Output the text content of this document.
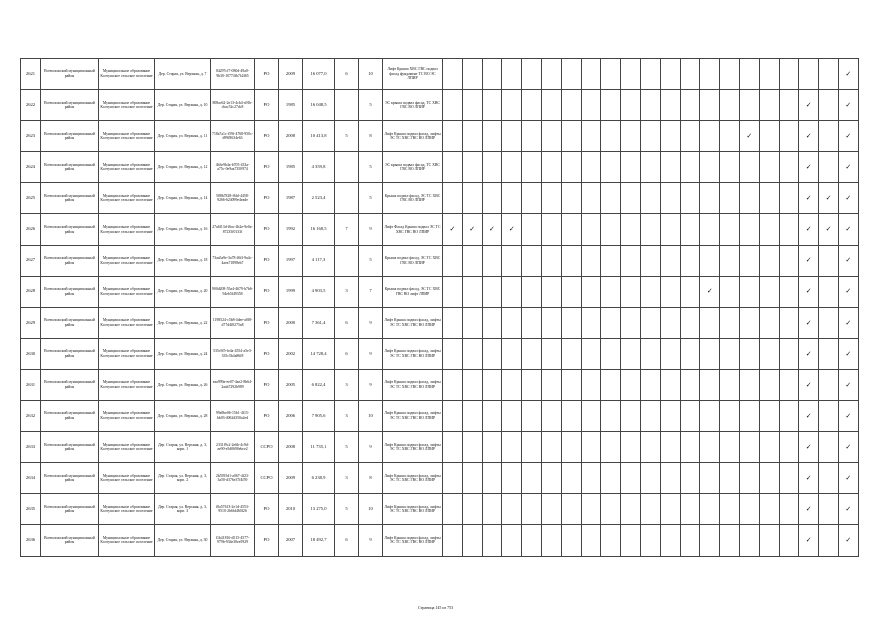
2621	Всеволожский муниципальный район	Муниципальное образование Колтушское сельское поселение	Дер. Старая, ул. Верхняя, д. 7	84297cf7-080d-49a0-9b30-10774fb7f4465	РО	2009	16 077,0	6	10	Лифт Крыша ХВС ГВС подвал фасад фундамент ТС ВО ЭС ЛПИР																					✓
2622	Всеволожский муниципальный район	Муниципальное образование Колтушское сельское поселение	Дер. Старая, ул. Верхняя, д. 10	808ac62-2e13-4cb4-a91b-cbac52c27dc8	РО	1985	16 048,5		5	ЭС крыша подвал фасад, ТС ХВС ГВС ВО ЛПИР																			✓		✓
2623	Всеволожский муниципальный район	Муниципальное образование Колтушское сельское поселение	Дер. Старая, ул. Верхняя, д. 11	718a7a1c-f59f-4768-950c-d99f8634e63	РО	2008	10 413,8	5	8	Лифт Крыша подвал фасад, лифты ЭС ТС ХВС ГВС ВО ЛПИР																✓			✓		✓
2624	Всеволожский муниципальный район	Муниципальное образование Колтушское сельское поселение	Дер. Старая, ул. Верхняя, д. 12	4b3e9b4a-b705-433a-a75c-0e9aa7350974	РО	1985	4 359,8		5	ЭС крыша подвал фасад, ТС ХВС ГВС ВО ЛПИР																			✓		✓
2625	Всеволожский муниципальный район	Муниципальное образование Колтушское сельское поселение	Дер. Старая, ул. Верхняя, д. 14	588b7828-f6fd-4458-9266-624099e4eade	РО	1987	2 523,4		5	Крыша подвал фасад, ЭС ТС ХВС ГВС ВО ЛПИР																			✓	✓	✓
2626	Всеволожский муниципальный район	Муниципальное образование Колтушское сельское поселение	Дер. Старая, ул. Верхняя, д. 16	27a6f13d-f6ac-4b2e-9e0a-87235f0133f	РО	1992	16 168,5	7	9	Лифт Фасад Крыша подвал ЭС ТС ХВС ГВС ВО ЛПИР	✓	✓	✓	✓															✓	✓	✓
2627	Всеволожский муниципальный район	Муниципальное образование Колтушское сельское поселение	Дер. Старая, ул. Верхняя, д. 18	73aa5a9e-3a78-46ff-9a4c-4aea71898eb7	РО	1997	4 117,3		5	Крыша подвал фасад, ЭС ТС ХВС ГВС ВО ЛПИР																			✓		✓
2628	Всеволожский муниципальный район	Муниципальное образование Колтушское сельское поселение	Дер. Старая, ул. Верхняя, д. 20	900d208-55a4-4679-b7b6-94eb5f49358	РО	1999	4 903,5	3	7	Крыша подвал фасад, ЭС ТС ХВС ГВС ВО лифт ЛПИР														✓					✓		✓
2629	Всеволожский муниципальный район	Муниципальное образование Колтушское сельское поселение	Дер. Старая, ул. Верхняя, д. 22	1198524-c5b8-4dee-a0f8-d77d4f0275a8	РО	2000	7 361,4	6	9	Лифт Крыша подвал фасад, лифты ЭС ТС ХВС ГВС ВО ЛПИР																			✓		✓
2630	Всеволожский муниципальный район	Муниципальное образование Колтушское сельское поселение	Дер. Старая, ул. Верхняя, д. 24	535c9f5-fe4a-4554-a5e3-335c5b4a86f8	РО	2002	14 728,4	6	9	Лифт Крыша подвал фасад, лифты ЭС ТС ХВС ГВС ВО ЛПИР																			✓		✓
2631	Всеволожский муниципальный район	Муниципальное образование Колтушское сельское поселение	Дер. Старая, ул. Верхняя, д. 26	eaa999a-ee07-4ae2-8b64-2aab7292b989	РО	2005	6 822,4	3	9	Лифт Крыша подвал фасад, лифты ЭС ТС ХВС ГВС ВО ЛПИР																			✓		✓
2632	Всеволожский муниципальный район	Муниципальное образование Колтушское сельское поселение	Дер. Старая, ул. Верхняя, д. 28	99a9be06-15b1-4f15-bb03-4062d350a2ed	РО	2006	7 905,6	3	10	Лифт Крыша подвал фасад, лифты ЭС ТС ХВС ГВС ВО ЛПИР																			✓		✓
2633	Всеволожский муниципальный район	Муниципальное образование Колтушское сельское поселение	Дер. Старая, ул. Верхняя, д. 3, корп. 1	2331f9c2-2e6b-4c9d-ae90-e5d0690ebce2	ССРО	2008	11 735,1	5	9	Лифт Крыша подвал фасад, лифты ЭС ТС ХВС ГВС ВО ЛПИР																			✓		✓
2634	Всеволожский муниципальный район	Муниципальное образование Колтушское сельское поселение	Дер. Старая, ул. Верхняя, д. 3, корп. 2	2b5595d1-a067-4f23-3a50-d376e37f4f59	ССРО	2009	6 238,9	3	8	Лифт Крыша подвал фасад, лифты ЭС ТС ХВС ГВС ВО ЛПИР																			✓		✓
2635	Всеволожский муниципальный район	Муниципальное образование Колтушское сельское поселение	Дер. Старая, ул. Верхняя, д. 3, корп. 3	f0a57613-2e1d-4553-9510-2b6fd460f26	РО	2010	13 275,0	5	10	Лифт Крыша подвал фасад, лифты ЭС ТС ХВС ГВС ВО ЛПИР																			✓		✓
2636	Всеволожский муниципальный район	Муниципальное образование Колтушское сельское поселение	Дер. Старая, ул. Верхняя, д. 30	f1b41816-d515-4577-979b-934e30ee5929	РО	2007	18 492,7	6	9	Лифт Крыша подвал фасад, лифты ЭС ТС ХВС ГВС ВО ЛПИР																			✓		✓
Страница 145 из 753
